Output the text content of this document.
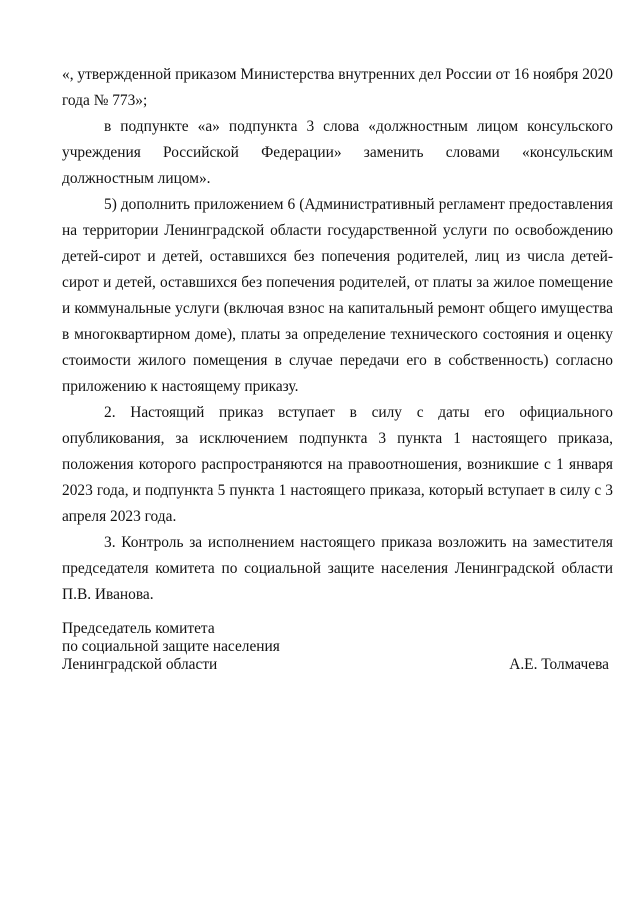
«, утвержденной приказом Министерства внутренних дел России от 16 ноября 2020 года № 773»;

в подпункте «а» подпункта 3 слова «должностным лицом консульского учреждения Российской Федерации» заменить словами «консульским должностным лицом».

5) дополнить приложением 6 (Административный регламент предоставления на территории Ленинградской области государственной услуги по освобождению детей-сирот и детей, оставшихся без попечения родителей, лиц из числа детей-сирот и детей, оставшихся без попечения родителей, от платы за жилое помещение и коммунальные услуги (включая взнос на капитальный ремонт общего имущества в многоквартирном доме), платы за определение технического состояния и оценку стоимости жилого помещения в случае передачи его в собственность) согласно приложению к настоящему приказу.

2. Настоящий приказ вступает в силу с даты его официального опубликования, за исключением подпункта 3 пункта 1 настоящего приказа, положения которого распространяются на правоотношения, возникшие с 1 января 2023 года, и подпункта 5 пункта 1 настоящего приказа, который вступает в силу с 3 апреля 2023 года.

3. Контроль за исполнением настоящего приказа возложить на заместителя председателя комитета по социальной защите населения Ленинградской области П.В. Иванова.

Председатель комитета
по социальной защите населения
Ленинградской области	А.Е. Толмачева
